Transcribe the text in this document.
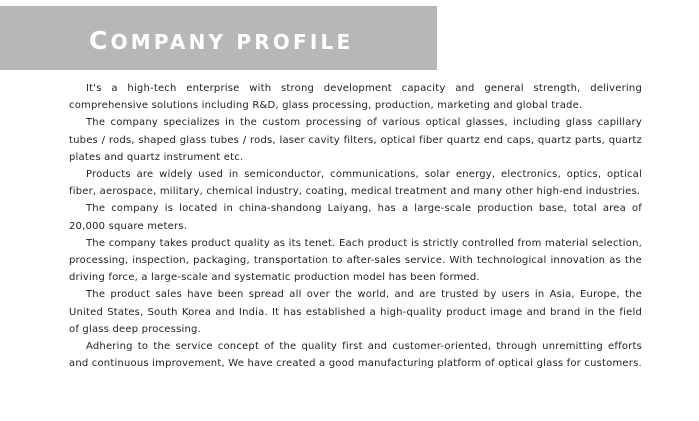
COMPANY PROFILE

It's a high-tech enterprise with strong development capacity and general strength, delivering comprehensive solutions including R&D, glass processing, production, marketing and global trade.

The company specializes in the custom processing of various optical glasses, including glass capillary tubes / rods, shaped glass tubes / rods, laser cavity filters, optical fiber quartz end caps, quartz parts, quartz plates and quartz instrument etc.

Products are widely used in semiconductor, communications, solar energy, electronics, optics, optical fiber, aerospace, military, chemical industry, coating, medical treatment and many other high-end industries.

The company is located in china-shandong Laiyang, has a large-scale production base, total area of 20,000 square meters.

The company takes product quality as its tenet. Each product is strictly controlled from material selection, processing, inspection, packaging, transportation to after-sales service. With technological innovation as the driving force, a large-scale and systematic production model has been formed.

The product sales have been spread all over the world, and are trusted by users in Asia, Europe, the United States, South Korea and India. It has established a high-quality product image and brand in the field of glass deep processing.

Adhering to the service concept of the quality first and customer-oriented, through unremitting efforts and continuous improvement, We have created a good manufacturing platform of optical glass for customers.
